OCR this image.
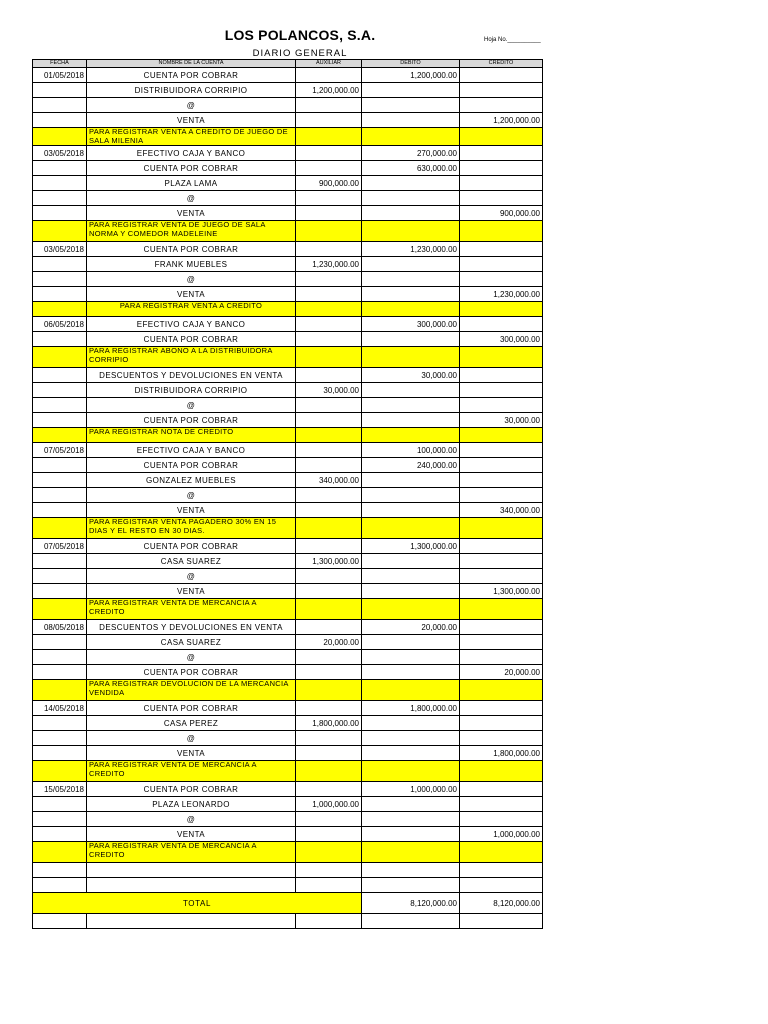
LOS POLANCOS, S.A.
DIARIO GENERAL
Hoja No.__________
FECHA	NOMBRE DE LA CUENTA	AUXILIAR	DEBITO	CREDITO
01/05/2018	CUENTA POR COBRAR		1,200,000.00	
	DISTRIBUIDORA CORRIPIO	1,200,000.00		
	@			
	VENTA			1,200,000.00
	PARA REGISTRAR VENTA A CREDITO DE JUEGO DE SALA MILENIA			
03/05/2018	EFECTIVO CAJA Y BANCO		270,000.00	
	CUENTA POR COBRAR		630,000.00	
	PLAZA LAMA	900,000.00		
	@			
	VENTA			900,000.00
	PARA REGISTRAR VENTA DE JUEGO DE SALA NORMA Y COMEDOR MADELEINE			
03/05/2018	CUENTA POR COBRAR		1,230,000.00	
	FRANK MUEBLES	1,230,000.00		
	@			
	VENTA			1,230,000.00
	PARA REGISTRAR VENTA A CREDITO			
06/05/2018	EFECTIVO CAJA Y BANCO		300,000.00	
	CUENTA POR COBRAR			300,000.00
	PARA REGISTRAR ABONO A LA DISTRIBUIDORA CORRIPIO			
	DESCUENTOS Y DEVOLUCIONES EN VENTA		30,000.00	
	DISTRIBUIDORA CORRIPIO	30,000.00		
	@			
	CUENTA POR COBRAR			30,000.00
	PARA REGISTRAR NOTA DE CREDITO			
07/05/2018	EFECTIVO CAJA Y BANCO		100,000.00	
	CUENTA POR COBRAR		240,000.00	
	GONZALEZ MUEBLES	340,000.00		
	@			
	VENTA			340,000.00
	PARA REGISTRAR VENTA PAGADERO 30% EN 15 DIAS Y EL RESTO EN 30 DIAS.			
07/05/2018	CUENTA POR COBRAR		1,300,000.00	
	CASA SUAREZ	1,300,000.00		
	@			
	VENTA			1,300,000.00
	PARA REGISTRAR VENTA DE MERCANCIA A CREDITO			
08/05/2018	DESCUENTOS Y DEVOLUCIONES EN VENTA		20,000.00	
	CASA SUAREZ	20,000.00		
	@			
	CUENTA POR COBRAR			20,000.00
	PARA REGISTRAR DEVOLUCION DE LA MERCANCIA VENDIDA			
14/05/2018	CUENTA POR COBRAR		1,800,000.00	
	CASA PEREZ	1,800,000.00		
	@			
	VENTA			1,800,000.00
	PARA REGISTRAR VENTA DE MERCANCIA A CREDITO			
15/05/2018	CUENTA POR COBRAR		1,000,000.00	
	PLAZA LEONARDO	1,000,000.00		
	@			
	VENTA			1,000,000.00
	PARA REGISTRAR VENTA DE MERCANCIA A CREDITO			

TOTAL			8,120,000.00	8,120,000.00
